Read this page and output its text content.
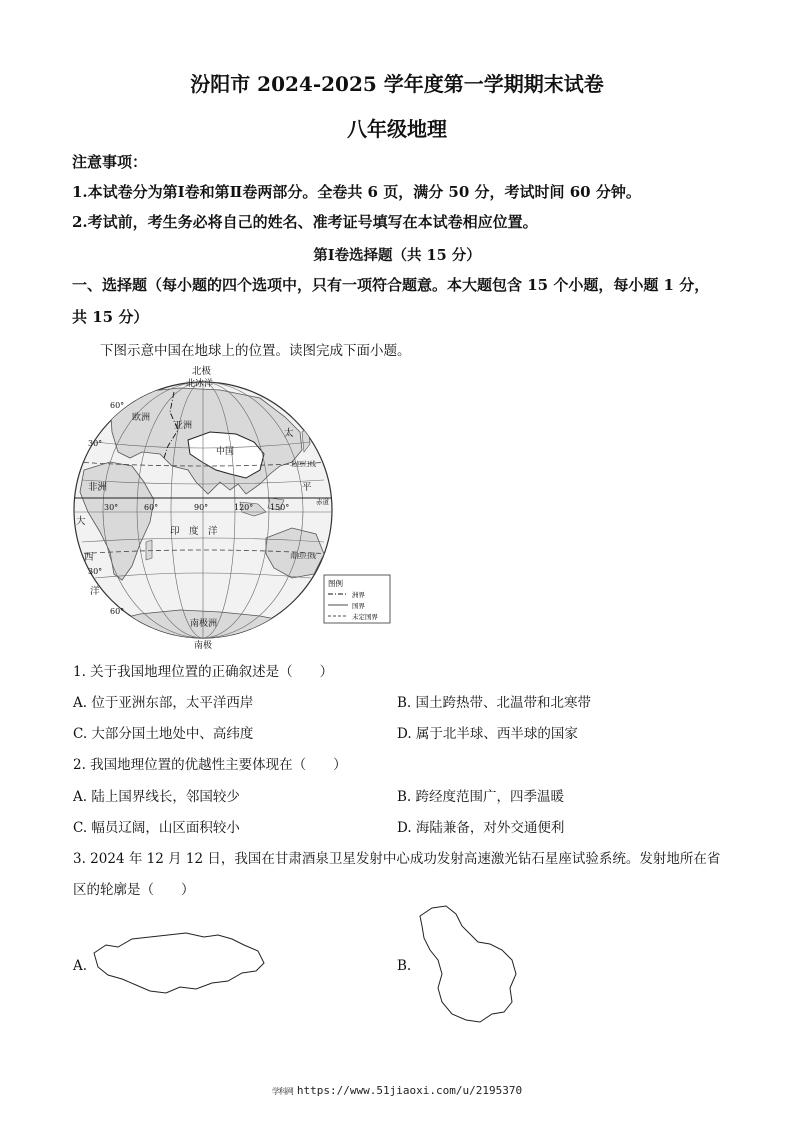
汾阳市 2024-2025 学年度第一学期期末试卷
八年级地理
注意事项：
1.本试卷分为第Ⅰ卷和第Ⅱ卷两部分。全卷共 6 页，满分 50 分，考试时间 60 分钟。
2.考试前，考生务必将自己的姓名、准考证号填写在本试卷相应位置。
第Ⅰ卷选择题（共 15 分）
一、选择题（每小题的四个选项中，只有一项符合题意。本大题包含 15 个小题，每小题 1 分，
共 15 分）
下图示意中国在地球上的位置。读图完成下面小题。
北极
北冰洋
欧洲
亚洲
中国
非洲
印　度　洋
南极洲
南极
大
西
洋
太
平
北回归线
赤道
南回归线
60°
30°
30°
60°
30°	60°	90°	120° 150°
图例
洲界
国界
未定国界
1. 关于我国地理位置的正确叙述是（　　）
A. 位于亚洲东部，太平洋西岸	B. 国土跨热带、北温带和北寒带
C. 大部分国土地处中、高纬度	D. 属于北半球、西半球的国家
2. 我国地理位置的优越性主要体现在（　　）
A. 陆上国界线长，邻国较少	B. 跨经度范围广，四季温暖
C. 幅员辽阔，山区面积较小	D. 海陆兼备，对外交通便利
3. 2024 年 12 月 12 日，我国在甘肃酒泉卫星发射中心成功发射高速激光钻石星座试验系统。发射地所在省
区的轮廓是（　　）
A.	B.
学科网 https://www.51jiaoxi.com/u/2195370
